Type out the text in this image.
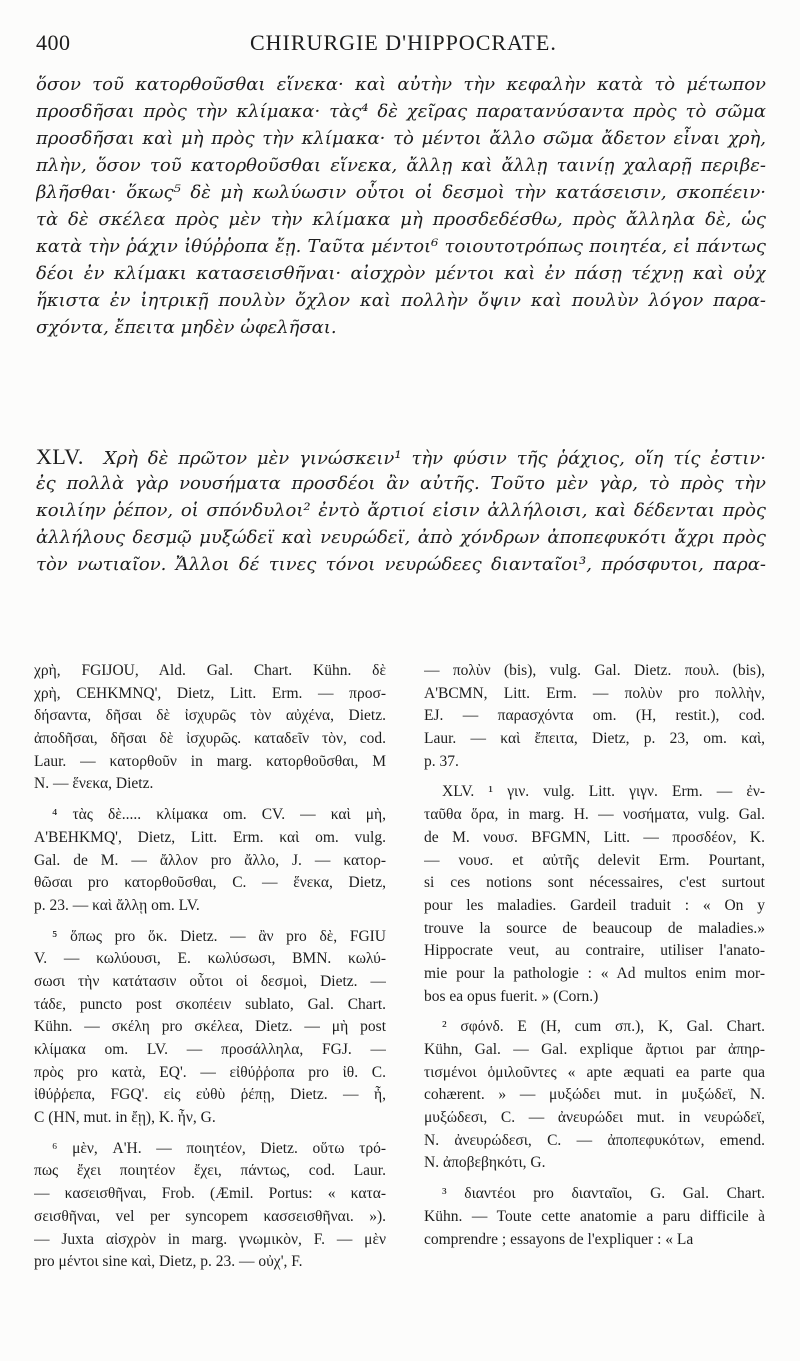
400	CHIRURGIE D'HIPPOCRATE.
ὅσον τοῦ κατορθοῦσθαι εἵνεκα· καὶ αὐτὴν τὴν κεφαλὴν κατὰ τὸ μέτωπον
προσδῆσαι πρὸς τὴν κλίμακα· τὰς⁴ δὲ χεῖρας παρατανύσαντα πρὸς τὸ σῶμα
προσδῆσαι καὶ μὴ πρὸς τὴν κλίμακα· τὸ μέντοι ἄλλο σῶμα ἄδετον εἶναι χρὴ,
πλὴν, ὅσον τοῦ κατορθοῦσθαι εἵνεκα, ἄλλῃ καὶ ἄλλῃ ταινίῃ χαλαρῇ περιβε-
βλῆσθαι· ὅκως⁵ δὲ μὴ κωλύωσιν οὗτοι οἱ δεσμοὶ τὴν κατάσεισιν, σκοπέειν·
τὰ δὲ σκέλεα πρὸς μὲν τὴν κλίμακα μὴ προσδεδέσθω, πρὸς ἄλληλα δὲ, ὡς
κατὰ τὴν ῥάχιν ἰθύῤῥοπα ἔῃ. Ταῦτα μέντοι⁶ τοιουτοτρόπως ποιητέα, εἰ πάντως
δέοι ἐν κλίμακι κατασεισθῆναι· αἰσχρὸν μέντοι καὶ ἐν πάσῃ τέχνῃ καὶ οὐχ
ἥκιστα ἐν ἰητρικῇ πουλὺν ὄχλον καὶ πολλὴν ὄψιν καὶ πουλὺν λόγον παρα-
σχόντα, ἔπειτα μηδὲν ὠφελῆσαι.
XLV. Χρὴ δὲ πρῶτον μὲν γινώσκειν¹ τὴν φύσιν τῆς ῥάχιος, οἵη τίς ἐστιν·
ἐς πολλὰ γὰρ νουσήματα προσδέοι ἂν αὐτῆς. Τοῦτο μὲν γὰρ, τὸ πρὸς τὴν
κοιλίην ῥέπον, οἱ σπόνδυλοι² ἐντὸ ἄρτιοί εἰσιν ἀλλήλοισι, καὶ δέδενται πρὸς
ἀλλήλους δεσμῷ μυξώδεϊ καὶ νευρώδεϊ, ἀπὸ χόνδρων ἀποπεφυκότι ἄχρι πρὸς
τὸν νωτιαῖον. Ἄλλοι δέ τινες τόνοι νευρώδεες διανταῖοι³, πρόσφυτοι, παρα-
χρὴ, FGIJOU, Ald. Gal. Chart. Kühn. δὲ
χρὴ, CEHKMNQ', Dietz, Litt. Erm. — προσ-
δήσαντα, δῆσαι δὲ ἰσχυρῶς τὸν αὐχένα, Dietz.
ἀποδῆσαι, δῆσαι δὲ ἰσχυρῶς. καταδεῖν τὸν, cod.
Laur. — κατορθοῦν in marg. κατορθοῦσθαι, M
N. — ἕνεκα, Dietz.
⁴ τὰς δὲ..... κλίμακα om. CV. — καὶ μὴ,
A'BEHKMQ', Dietz, Litt. Erm. καὶ om. vulg.
Gal. de M. — ἄλλον pro ἄλλο, J. — κατορ-
θῶσαι pro κατορθοῦσθαι, C. — ἕνεκα, Dietz,
p. 23. — καὶ ἄλλῃ om. LV.
⁵ ὅπως pro ὅκ. Dietz. — ἂν pro δὲ, FGIU
V. — κωλύουσι, E. κωλύσωσι, BMN. κωλύ-
σωσι τὴν κατάτασιν οὗτοι οἱ δεσμοὶ, Dietz. —
τάδε, puncto post σκοπέειν sublato, Gal. Chart.
Kühn. — σκέλη pro σκέλεα, Dietz. — μὴ post
κλίμακα om. LV. — προσάλληλα, FGJ. —
πρὸς pro κατὰ, EQ'. — εἰθύῤῥοπα pro ἰθ. C.
ἰθύῤῥεπα, FGQ'. εἰς εὐθὺ ῥέπῃ, Dietz. — ἦ,
C (HN, mut. in ἔῃ), K. ἦν, G.
⁶ μὲν, A'H. — ποιητέον, Dietz. οὕτω τρό-
πως ἔχει ποιητέον ἔχει, πάντως, cod. Laur.
— κασεισθῆναι, Frob. (Æmil. Portus: « κατα-
σεισθῆναι, vel per syncopem κασσεισθῆναι. »).
— Juxta αἰσχρὸν in marg. γνωμικὸν, F. — μὲν
pro μέντοι sine καὶ, Dietz, p. 23. — οὐχ', F.
— πολὺν (bis), vulg. Gal. Dietz. πουλ. (bis),
A'BCMN, Litt. Erm. — πολὺν pro πολλὴν,
EJ. — παρασχόντα om. (H, restit.), cod.
Laur. — καὶ ἔπειτα, Dietz, p. 23, om. καὶ,
p. 37.
XLV. ¹ γιν. vulg. Litt. γιγν. Erm. — ἐν-
ταῦθα ὅρα, in marg. H. — νοσήματα, vulg. Gal.
de M. νουσ. BFGMN, Litt. — προσδέον, K.
— νουσ. et αὐτῆς delevit Erm. Pourtant,
si ces notions sont nécessaires, c'est surtout
pour les maladies. Gardeil traduit : « On y
trouve la source de beaucoup de maladies.»
Hippocrate veut, au contraire, utiliser l'anato-
mie pour la pathologie : « Ad multos enim mor-
bos ea opus fuerit. » (Corn.)
² σφόνδ. E (H, cum σπ.), K, Gal. Chart.
Kühn, Gal. — Gal. explique ἄρτιοι par ἀπηρ-
τισμένοι ὁμιλοῦντες « apte æquati ea parte qua
cohærent. » — μυξώδει mut. in μυξώδεϊ, N.
μυξώδεσι, C. — ἀνευρώδει mut. in νευρώδεϊ,
N. ἀνευρώδεσι, C. — ἀποπεφυκότων, emend.
N. ἀποβεβηκότι, G.
³ διαντέοι pro διανταῖοι, G. Gal. Chart.
Kühn. — Toute cette anatomie a paru difficile à
comprendre ; essayons de l'expliquer : « La
